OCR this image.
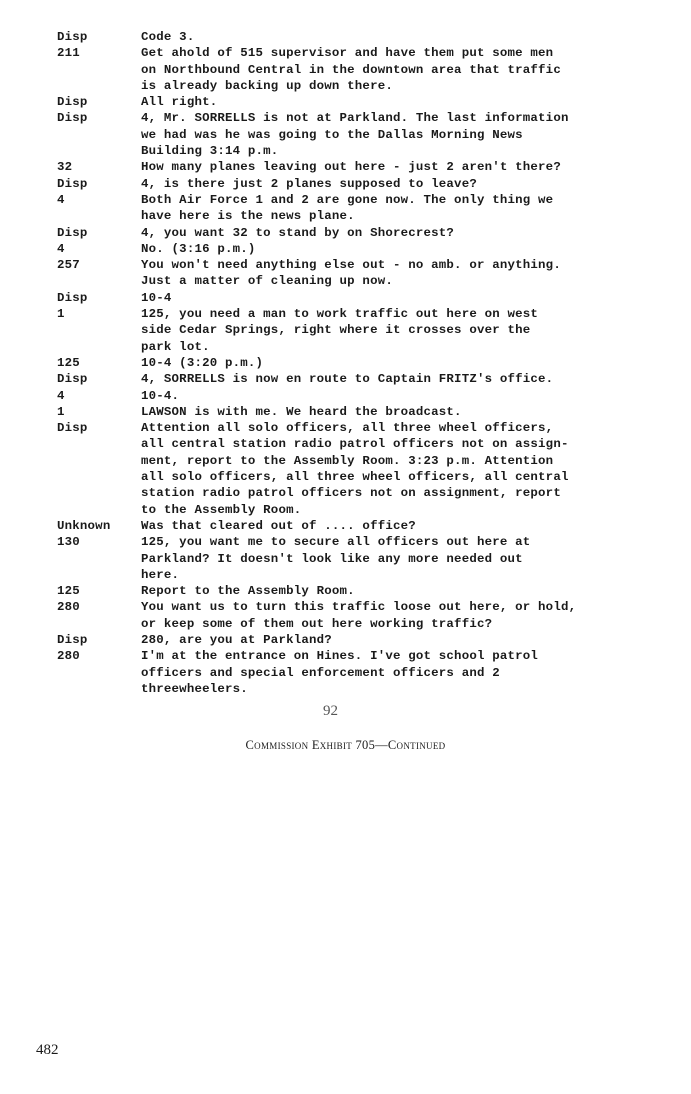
Disp	Code 3.
211	Get ahold of 515 supervisor and have them put some men
on Northbound Central in the downtown area that traffic
is already backing up down there.
Disp	All right.
Disp	4, Mr. SORRELLS is not at Parkland. The last information
we had was he was going to the Dallas Morning News
Building 3:14 p.m.
32	How many planes leaving out here - just 2 aren't there?
Disp	4, is there just 2 planes supposed to leave?
4	Both Air Force 1 and 2 are gone now. The only thing we
have here is the news plane.
Disp	4, you want 32 to stand by on Shorecrest?
4	No. (3:16 p.m.)
257	You won't need anything else out - no amb. or anything.
Just a matter of cleaning up now.
Disp	10-4
1	125, you need a man to work traffic out here on west
side Cedar Springs, right where it crosses over the
park lot.
125	10-4 (3:20 p.m.)
Disp	4, SORRELLS is now en route to Captain FRITZ's office.
4	10-4.
1	LAWSON is with me. We heard the broadcast.
Disp	Attention all solo officers, all three wheel officers,
all central station radio patrol officers not on assign-
ment, report to the Assembly Room. 3:23 p.m. Attention
all solo officers, all three wheel officers, all central
station radio patrol officers not on assignment, report
to the Assembly Room.
Unknown	Was that cleared out of .... office?
130	125, you want me to secure all officers out here at
Parkland? It doesn't look like any more needed out
here.
125	Report to the Assembly Room.
280	You want us to turn this traffic loose out here, or hold,
or keep some of them out here working traffic?
Disp	280, are you at Parkland?
280	I'm at the entrance on Hines. I've got school patrol
officers and special enforcement officers and 2
threewheelers.
92
Commission Exhibit 705—Continued
482
